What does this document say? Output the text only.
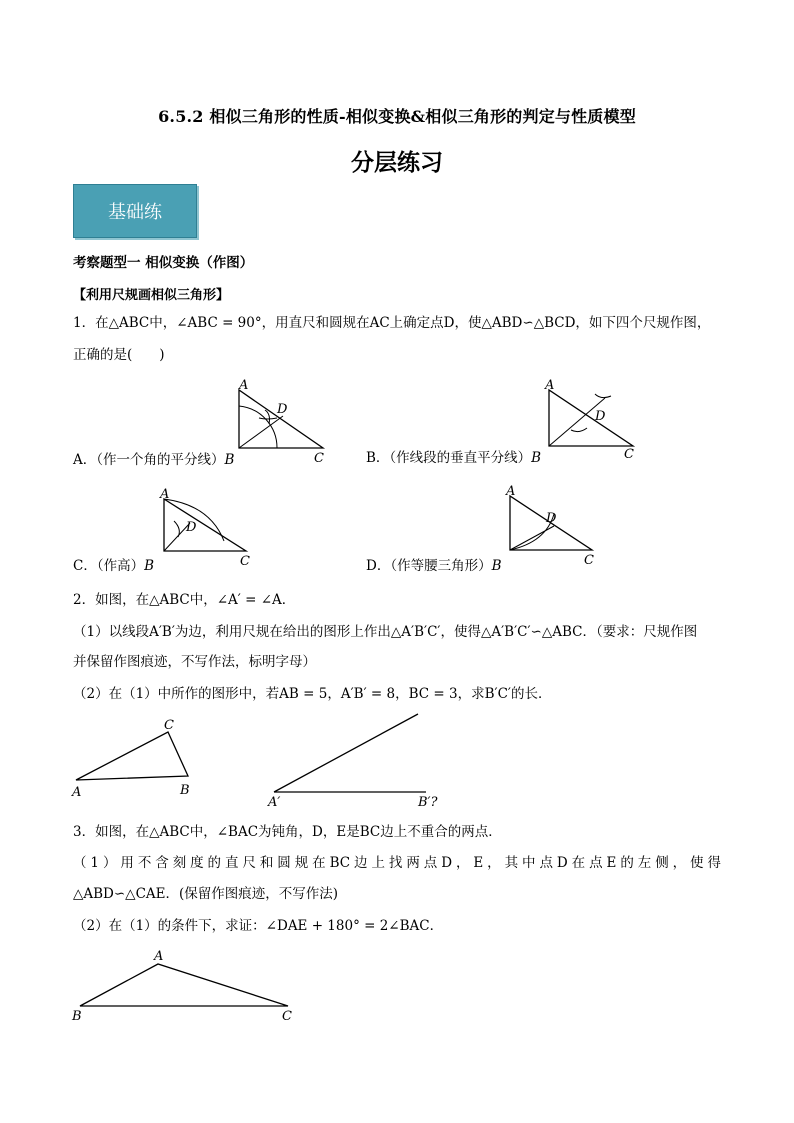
6.5.2 相似三角形的性质-相似变换&相似三角形的判定与性质模型
分层练习
基础练
考察题型一 相似变换（作图）
【利用尺规画相似三角形】
1．在△ABC中，∠ABC = 90°，用直尺和圆规在AC上确定点D，使△ABD∽△BCD，如下四个尺规作图，
正确的是(　　)
A
D
C
A．（作一个角的平分线）B
A
D
C
B．（作线段的垂直平分线）B
A
D
C
C．（作高）B
A
D
C
D．（作等腰三角形）B
2．如图，在△ABC中，∠A′ = ∠A．
（1）以线段A′B′为边，利用尺规在给出的图形上作出△A′B′C′，使得△A′B′C′∽△ABC．（要求：尺规作图
并保留作图痕迹，不写作法，标明字母）
（2）在（1）中所作的图形中，若AB = 5，A′B′ = 8，BC = 3，求B′C′的长．
A
C
B
A′	B′?
3．如图，在△ABC中，∠BAC为钝角，D，E是BC边上不重合的两点．
（1）用不含刻度的直尺和圆规在BC边上找两点D，E，其中点D在点E的左侧，使得
△ABD∽△CAE．(保留作图痕迹，不写作法)
（2）在（1）的条件下，求证：∠DAE + 180° = 2∠BAC．
A
B	C
